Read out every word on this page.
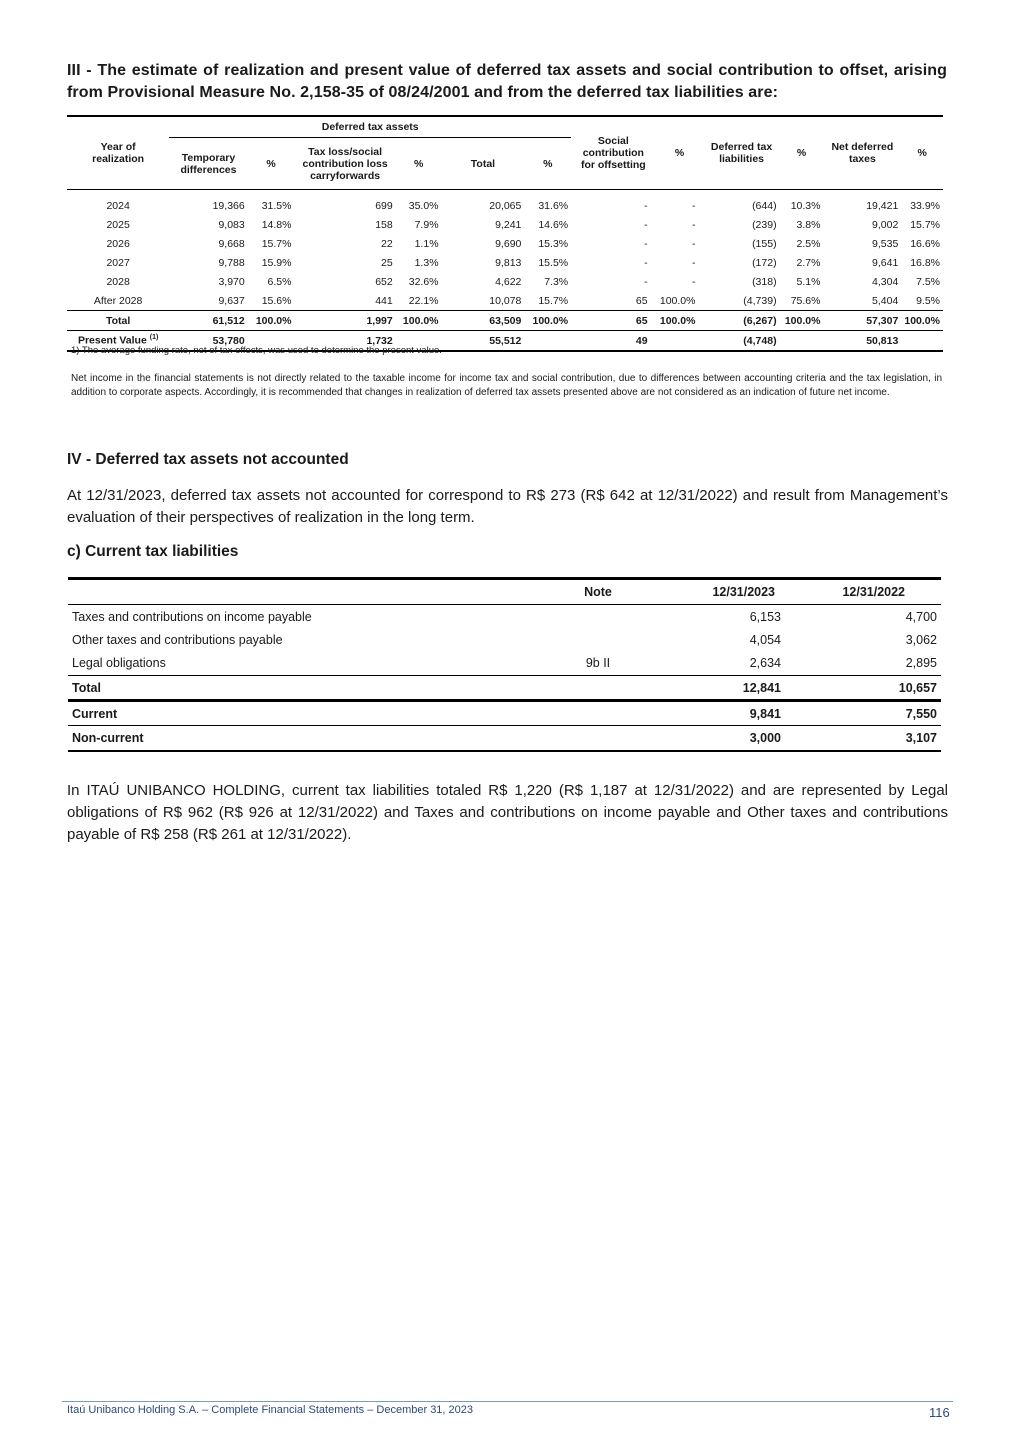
III - The estimate of realization and present value of deferred tax assets and social contribution to offset, arising from Provisional Measure No. 2,158-35 of 08/24/2001 and from the deferred tax liabilities are:
Year of realization	Deferred tax assets						Social contribution for offsetting	%	Deferred tax liabilities	%	Net deferred taxes	%
	Temporary differences	%	Tax loss/social contribution loss carryforwards	%	Total	%						
2024	19,366	31.5%	699	35.0%	20,065	31.6%	-	-	(644)	10.3%	19,421	33.9%
2025	9,083	14.8%	158	7.9%	9,241	14.6%	-	-	(239)	3.8%	9,002	15.7%
2026	9,668	15.7%	22	1.1%	9,690	15.3%	-	-	(155)	2.5%	9,535	16.6%
2027	9,788	15.9%	25	1.3%	9,813	15.5%	-	-	(172)	2.7%	9,641	16.8%
2028	3,970	6.5%	652	32.6%	4,622	7.3%	-	-	(318)	5.1%	4,304	7.5%
After 2028	9,637	15.6%	441	22.1%	10,078	15.7%	65	100.0%	(4,739)	75.6%	5,404	9.5%
Total	61,512	100.0%	1,997	100.0%	63,509	100.0%	65	100.0%	(6,267)	100.0%	57,307	100.0%
Present Value $^{(1)}$	53,780		1,732		55,512		49		(4,748)		50,813	
1) The average funding rate, net of tax effects, was used to determine the present value.
Net income in the financial statements is not directly related to the taxable income for income tax and social contribution, due to differences between accounting criteria and the tax legislation, in addition to corporate aspects. Accordingly, it is recommended that changes in realization of deferred tax assets presented above are not considered as an indication of future net income.
IV - Deferred tax assets not accounted
At 12/31/2023, deferred tax assets not accounted for correspond to R$ 273 (R$ 642 at 12/31/2022) and result from Management’s evaluation of their perspectives of realization in the long term.
c) Current tax liabilities
	Note	12/31/2023	12/31/2022
Taxes and contributions on income payable		6,153	4,700
Other taxes and contributions payable		4,054	3,062
Legal obligations	9b II	2,634	2,895
Total		12,841	10,657
Current		9,841	7,550
Non-current		3,000	3,107
In ITAÚ UNIBANCO HOLDING, current tax liabilities totaled R$ 1,220 (R$ 1,187 at 12/31/2022) and are represented by Legal obligations of R$ 962 (R$ 926 at 12/31/2022) and Taxes and contributions on income payable and Other taxes and contributions payable of R$ 258 (R$ 261 at 12/31/2022).
Itaú Unibanco Holding S.A. – Complete Financial Statements – December 31, 2023	116
